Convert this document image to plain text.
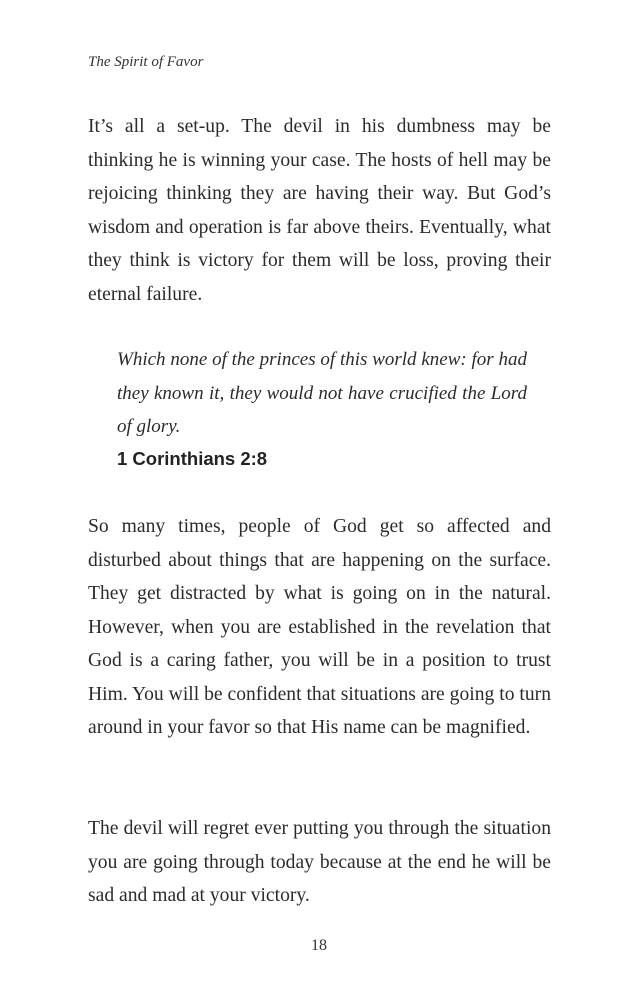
The Spirit of Favor

It’s all a set-up. The devil in his dumbness may be thinking he is winning your case. The hosts of hell may be rejoicing thinking they are having their way. But God’s wisdom and operation is far above theirs. Eventually, what they think is victory for them will be loss, proving their eternal failure.

Which none of the princes of this world knew: for had they known it, they would not have crucified the Lord of glory.

1 Corinthians 2:8

So many times, people of God get so affected and disturbed about things that are happening on the surface. They get distracted by what is going on in the natural. However, when you are established in the revelation that God is a caring father, you will be in a position to trust Him. You will be confident that situations are going to turn around in your favor so that His name can be magnified.

The devil will regret ever putting you through the situation you are going through today because at the end he will be sad and mad at your victory.

18
